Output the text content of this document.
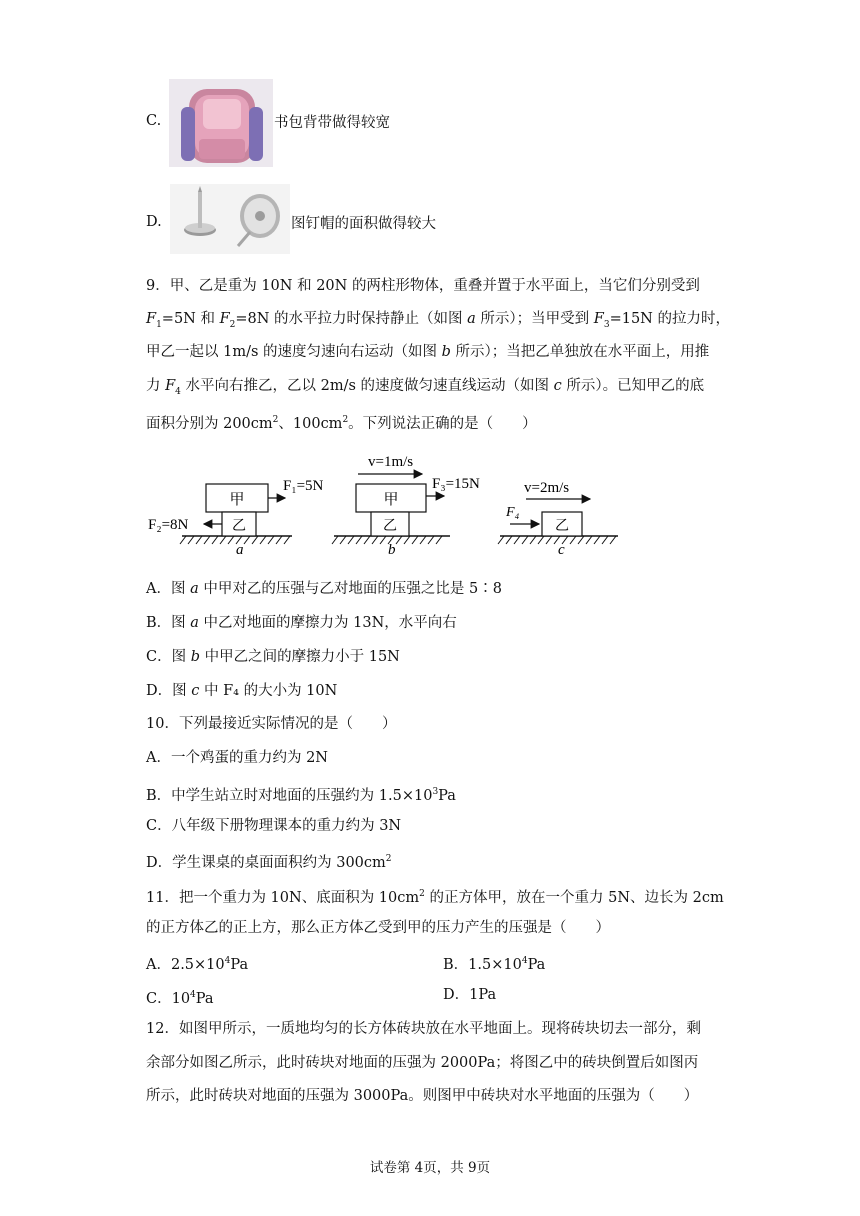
C.	书包背带做得较宽
D.	图钉帽的面积做得较大
9．甲、乙是重为 10N 和 20N 的两柱形物体，重叠并置于水平面上，当它们分别受到
$F_1=5N$ 和 $F_2=8N$ 的水平拉力时保持静止（如图 a 所示）；当甲受到 $F_3=15N$ 的拉力时，
甲乙一起以 1m/s 的速度匀速向右运动（如图 b 所示）；当把乙单独放在水平面上，用推
力 $F_4$ 水平向右推乙，乙以 2m/s 的速度做匀速直线运动（如图 c 所示）。已知甲乙的底
面积分别为 $200cm^2$、$100cm^2$。下列说法正确的是（　　）
甲
乙
F₁=5N
F₂=8N
a
v=1m/s
甲
乙
F₃=15N
b
v=2m/s
F₄
乙
c
A．图 a 中甲对乙的压强与乙对地面的压强之比是 5∶8
B．图 a 中乙对地面的摩擦力为 13N，水平向右
C．图 b 中甲乙之间的摩擦力小于 15N
D．图 c 中 F₄ 的大小为 10N
10．下列最接近实际情况的是（　　）
A．一个鸡蛋的重力约为 2N
B．中学生站立时对地面的压强约为 $1.5\times 10^3Pa$
C．八年级下册物理课本的重力约为 3N
D．学生课桌的桌面面积约为 $300cm^2$
11．把一个重力为 10N、底面积为 $10cm^2$ 的正方体甲，放在一个重力 5N、边长为 2cm
的正方体乙的正上方，那么正方体乙受到甲的压力产生的压强是（　　）
A．$2.5\times 10^4Pa$	B．$1.5\times 10^4Pa$
C．$10^4Pa$	D．1Pa
12．如图甲所示，一质地均匀的长方体砖块放在水平地面上。现将砖块切去一部分，剩
余部分如图乙所示，此时砖块对地面的压强为 2000Pa；将图乙中的砖块倒置后如图丙
所示，此时砖块对地面的压强为 3000Pa。则图甲中砖块对水平地面的压强为（　　）
试卷第 4页，共 9页
